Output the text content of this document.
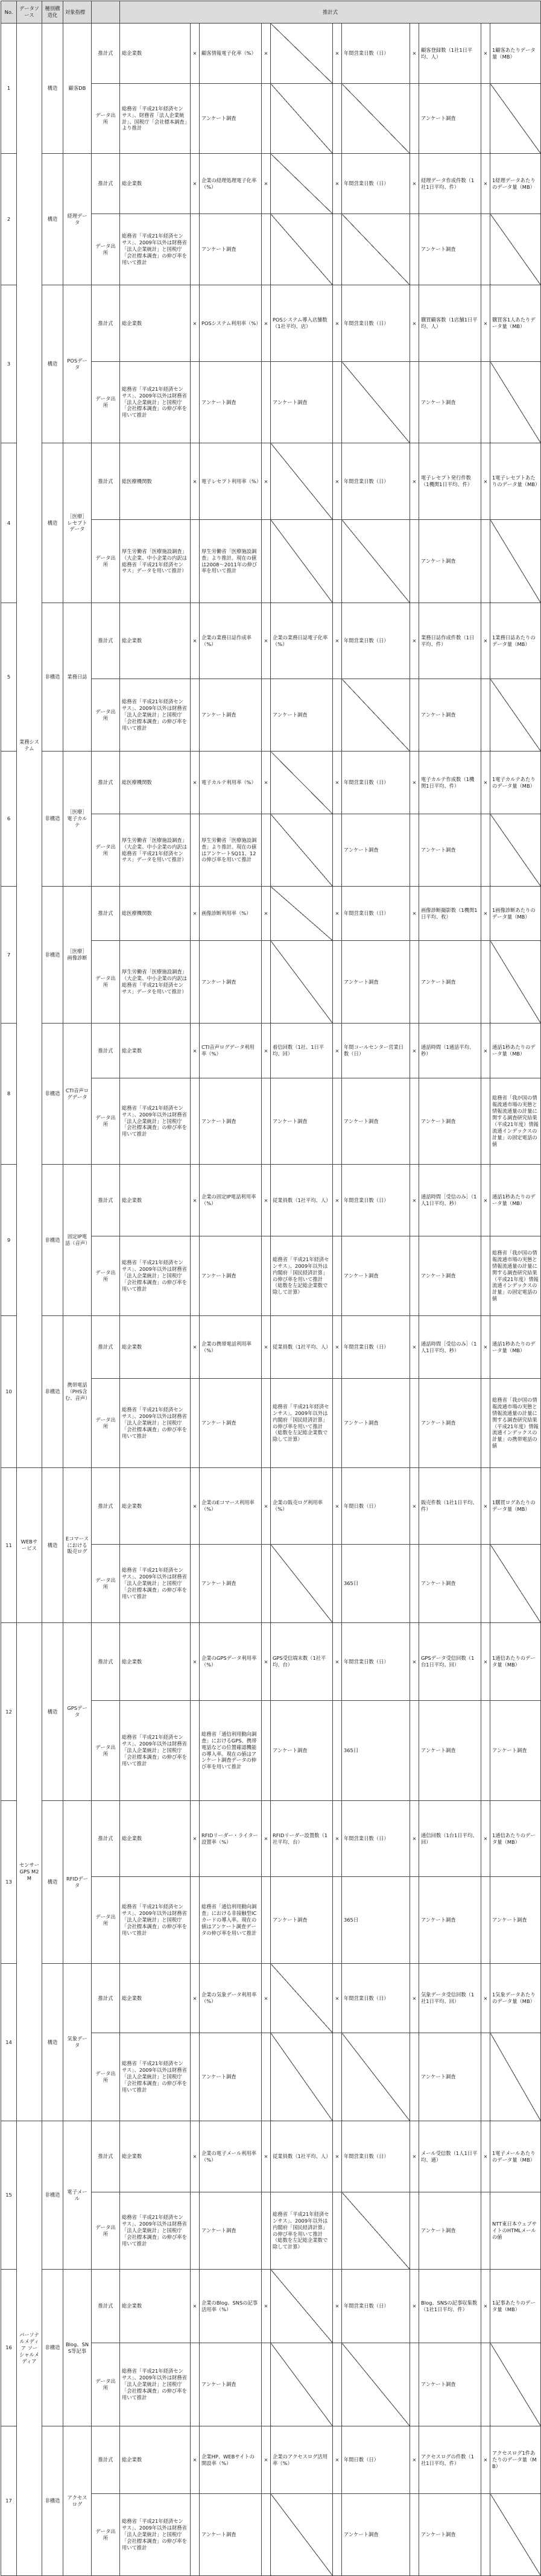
No.	データソース	種別構造化	対象指標		推計式										
1	業務システム	構造	顧客DB	推計式	総企業数	×	顧客情報電子化率（%）	×		×	年間営業日数（日）	×	顧客登録数（1社1日平均、人）	×	1顧客あたりデータ量（MB）
				データ出所	総務省「平成21年経済センサス」、財務省「法人企業統計」、国税庁「会社標本調査」より推計		アンケート調査						アンケート調査		
2		構造	経理データ	推計式	総企業数	×	企業の経理処理電子化率（%）	×		×	年間営業日数（日）	×	経理データ作成件数（1社1日平均、件）	×	1経理データあたりのデータ量（MB）
				データ出所	総務省「平成21年経済センサス」、2009年以外は財務省「法人企業統計」と国税庁「会社標本調査」の伸び率を用いて推計		アンケート調査						アンケート調査		
3		構造	POSデータ	推計式	総企業数	×	POSシステム利用率（%）	×	POSシステム導入店舗数（1社平均、店）	×	年間営業日数（日）	×	購買顧客数（1店舗1日平均、人）	×	購買客1人あたりデータ量（MB）
				データ出所	総務省「平成21年経済センサス」、2009年以外は財務省「法人企業統計」と国税庁「会社標本調査」の伸び率を用いて推計		アンケート調査		アンケート調査				アンケート調査		
4		構造	［医療］レセプトデータ	推計式	総医療機関数	×	電子レセプト利用率（%）	×		×	年間営業日数（日）	×	電子レセプト発行件数（1機関1日平均、件）	×	1電子レセプトあたりのデータ量（MB）
				データ出所	厚生労働省「医療施設調査」（大企業、中小企業の内訳は総務省「平成21年経済センサス」データを用いて推計）		厚生労働省「医療施設調査」より推計。現在の値は2008～2011年の伸び率を用いて推計						アンケート調査		
5		非構造	業務日誌	推計式	総企業数	×	企業の業務日誌作成率（%）	×	企業の業務日誌電子化率（%）	×	年間営業日数（日）	×	業務日誌作成件数（1日平均、件）	×	1業務日誌あたりのデータ量（MB）
				データ出所	総務省「平成21年経済センサス」、2009年以外は財務省「法人企業統計」と国税庁「会社標本調査」の伸び率を用いて推計		アンケート調査		アンケート調査				アンケート調査		
6		非構造	［医療］電子カルテ	推計式	総医療機関数	×	電子カルテ利用率（%）	×		×	年間営業日数（日）	×	電子カルテ作成数（1機関1日平均、件）	×	1電子カルテあたりのデータ量（MB）
				データ出所	厚生労働省「医療施設調査」（大企業、中小企業の内訳は総務省「平成21年経済センサス」データを用いて推計）		厚生労働省「医療施設調査」より推計。現在の値はアンケートSQ11、12の伸び率を用いて推計				アンケート調査		アンケート調査		
7		非構造	［医療］画像診断	推計式	総医療機関数	×	画像診断利用率（%）	×		×	年間営業日数（日）	×	画像診断撮影数（1機関1日平均、枚）	×	1画像診断あたりのデータ量（MB）
				データ出所	厚生労働省「医療施設調査」（大企業、中小企業の内訳は総務省「平成21年経済センサス」データを用いて推計）		アンケート調査				アンケート調査		アンケート調査		
8		非構造	CTI音声ログデータ	推計式	総企業数	×	CTI音声ログデータ利用率（%）	×	着信回数（1社、1日平均、回）	×	年間コールセンター営業日数（日）	×	通話時間（1通話平均、秒）	×	通話1秒あたりのデータ量（MB）
				データ出所	総務省「平成21年経済センサス」、2009年以外は財務省「法人企業統計」と国税庁「会社標本調査」の伸び率を用いて推計		アンケート調査		アンケート調査		アンケート調査		アンケート調査		総務省「我が国の情報流通市場の実態と情報流通量の計量に関する調査研究結果（平成21年度）情報流通インデックスの計量」の固定電話の値
9		非構造	固定IP電話（音声）	推計式	総企業数	×	企業の固定IP電話利用率（%）	×	従業員数（1社平均、人）	×	年間営業日数（日）	×	通話時間［受信のみ］（1人1日平均、秒）	×	通話1秒あたりのデータ量（MB）
				データ出所	総務省「平成21年経済センサス」、2009年以外は財務省「法人企業統計」と国税庁「会社標本調査」の伸び率を用いて推計		アンケート調査		総務省「平成21年経済センサス」、2009年以外は内閣府「国民経済計算」の伸び率を用いて推計（総数を左記総企業数で除して計算）		アンケート調査		アンケート調査		総務省「我が国の情報流通市場の実態と情報流通量の計量に関する調査研究結果（平成21年度）情報流通インデックスの計量」の固定電話の値
10		非構造	携帯電話（PHS含む、音声）	推計式	総企業数	×	企業の携帯電話利用率（%）	×	従業員数（1社平均、人）	×	年間営業日数（日）	×	通話時間［受信のみ］（1人1日平均、秒）	×	通話1秒あたりのデータ量（MB）
				データ出所	総務省「平成21年経済センサス」、2009年以外は財務省「法人企業統計」と国税庁「会社標本調査」の伸び率を用いて推計		アンケート調査		総務省「平成21年経済センサス」、2009年以外は内閣府「国民経済計算」の伸び率を用いて推計（総数を左記総企業数で除して計算）		アンケート調査		アンケート調査		総務省「我が国の情報流通市場の実態と情報流通量の計量に関する調査研究結果（平成21年度）情報流通インデックスの計量」の携帯電話の値
11	WEBサービス	構造	Eコマースにおける販売ログ	推計式	総企業数	×	企業のEコマース利用率（%）	×	企業の販売ログ利用率（%）	×	年間日数（日）	×	販売件数（1社1日平均、件）	×	1購買ログあたりのデータ量（MB）
				データ出所	総務省「平成21年経済センサス」、2009年以外は財務省「法人企業統計」と国税庁「会社標本調査」の伸び率を用いて推計		アンケート調査				365日		アンケート調査		
12	センサーGPS M2M	構造	GPSデータ	推計式	総企業数	×	企業のGPSデータ利用率（%）	×	GPS受信端末数（1社平均、台）	×	年間営業日数（日）	×	GPSデータ受信回数（1台1日平均、回）	×	1通信あたりのデータ量（MB）
				データ出所	総務省「平成21年経済センサス」、2009年以外は財務省「法人企業統計」と国税庁「会社標本調査」の伸び率を用いて推計		総務省「通信利用動向調査」におけるGPS、携帯電話などの位置確認機能の導入率。現在の値はアンケート調査データの伸び率を用いて推計		アンケート調査		365日		アンケート調査		アンケート調査
13		構造	RFIDデータ	推計式	総企業数	×	RFIDリーダー・ライター設置率（%）	×	RFIDリーダー設置数（1社平均、台）	×	年間営業日数（日）	×	通信回数（1台1日平均、回）	×	1通信あたりのデータ量（MB）
				データ出所	総務省「平成21年経済センサス」、2009年以外は財務省「法人企業統計」と国税庁「会社標本調査」の伸び率を用いて推計		総務省「通信利用動向調査」における非接触型ICカードの導入率。現在の値はアンケート調査データの伸び率を用いて推計		アンケート調査		365日		アンケート調査		アンケート調査
14		構造	気象データ	推計式	総企業数	×	企業の気象データ利用率（%）	×		×	年間営業日数（日）	×	気象データ受信回数（1社1日平均、回）	×	1気象データあたりのデータ量（MB）
				データ出所	総務省「平成21年経済センサス」、2009年以外は財務省「法人企業統計」と国税庁「会社標本調査」の伸び率を用いて推計		アンケート調査						アンケート調査		
15	パーソナルメディア ソーシャルメディア	非構造	電子メール	推計式	総企業数	×	企業の電子メール利用率（%）	×	従業員数（1社平均、人）	×	年間営業日数（日）	×	メール受信数（1人1日平均、通）	×	1電子メールあたりのデータ量（MB）
				データ出所	総務省「平成21年経済センサス」、2009年以外は財務省「法人企業統計」と国税庁「会社標本調査」の伸び率を用いて推計		アンケート調査		総務省「平成21年経済センサス」、2009年以外は内閣府「国民経済計算」の伸び率を用いて推計（総数を左記総企業数で除して計算）				アンケート調査		NTT東日本ウェブサイトのHTMLメールの値
16		非構造	Blog、SNS等記事	推計式	総企業数	×	企業のBlog、SNSの記事活用率（%）	×		×	年間営業日数（日）	×	Blog、SNSの記事収集数（1社1日平均、件）	×	1記事あたりのデータ量（MB）
				データ出所	総務省「平成21年経済センサス」、2009年以外は財務省「法人企業統計」と国税庁「会社標本調査」の伸び率を用いて推計		アンケート調査						アンケート調査		
17		非構造	アクセスログ	推計式	総企業数	×	企業HP、WEBサイトの開設率（%）	×	企業のアクセスログ活用率（%）	×	年間日数（日）	×	アクセスログの件数（1社1日平均、件）	×	アクセスログ1件あたりのデータ量（MB）
				データ出所	総務省「平成21年経済センサス」、2009年以外は財務省「法人企業統計」と国税庁「会社標本調査」の伸び率を用いて推計		アンケート調査				アンケート調査		アンケート調査		
